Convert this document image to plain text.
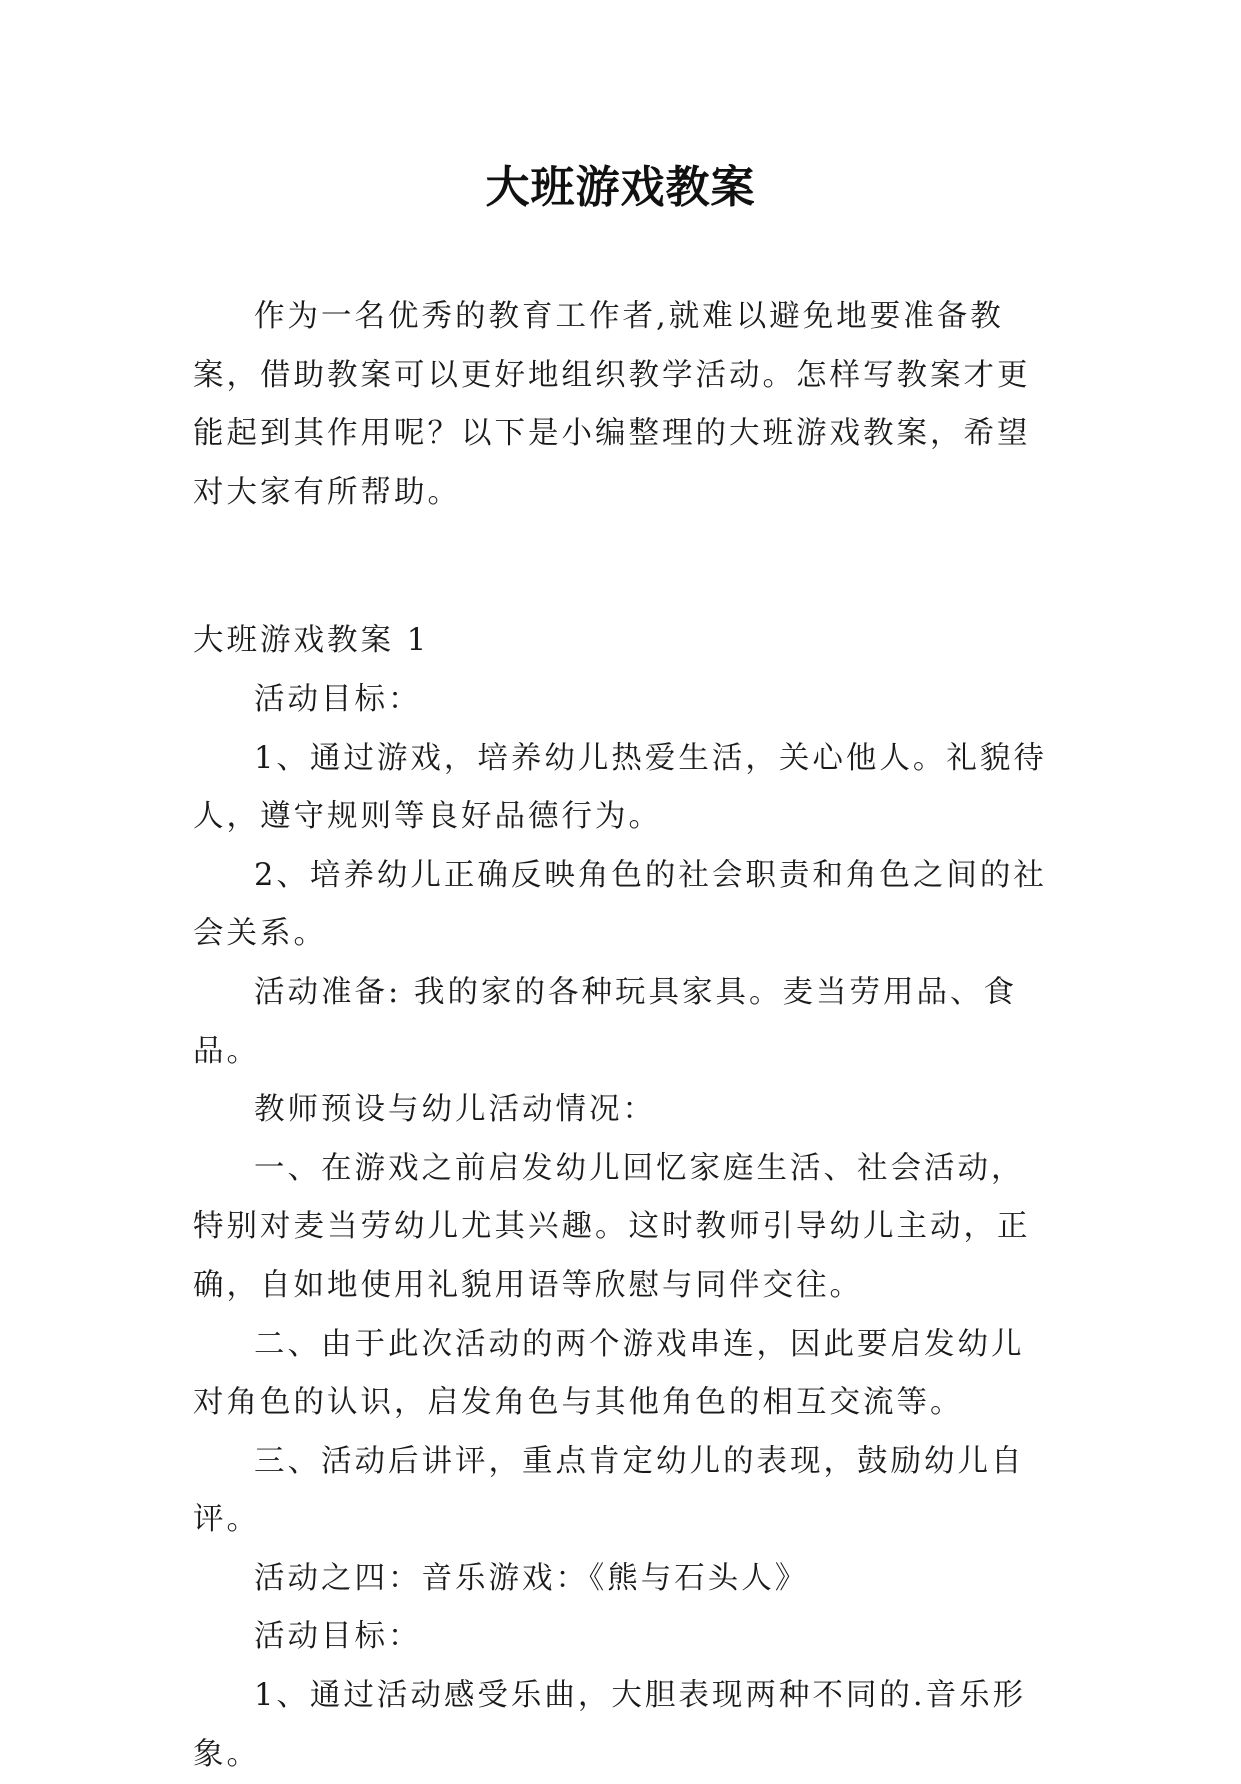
大班游戏教案

作为一名优秀的教育工作者,就难以避免地要准备教案，借助教案可以更好地组织教学活动。怎样写教案才更能起到其作用呢？以下是小编整理的大班游戏教案，希望对大家有所帮助。

大班游戏教案 1

活动目标：

1、通过游戏，培养幼儿热爱生活，关心他人。礼貌待人，遵守规则等良好品德行为。

2、培养幼儿正确反映角色的社会职责和角色之间的社会关系。

活动准备: 我的家的各种玩具家具。麦当劳用品、食品。

教师预设与幼儿活动情况：

一、在游戏之前启发幼儿回忆家庭生活、社会活动，特别对麦当劳幼儿尤其兴趣。这时教师引导幼儿主动，正确，自如地使用礼貌用语等欣慰与同伴交往。

二、由于此次活动的两个游戏串连，因此要启发幼儿对角色的认识，启发角色与其他角色的相互交流等。

三、活动后讲评，重点肯定幼儿的表现，鼓励幼儿自评。

活动之四：音乐游戏：《熊与石头人》

活动目标：

1、通过活动感受乐曲，大胆表现两种不同的.音乐形象。
